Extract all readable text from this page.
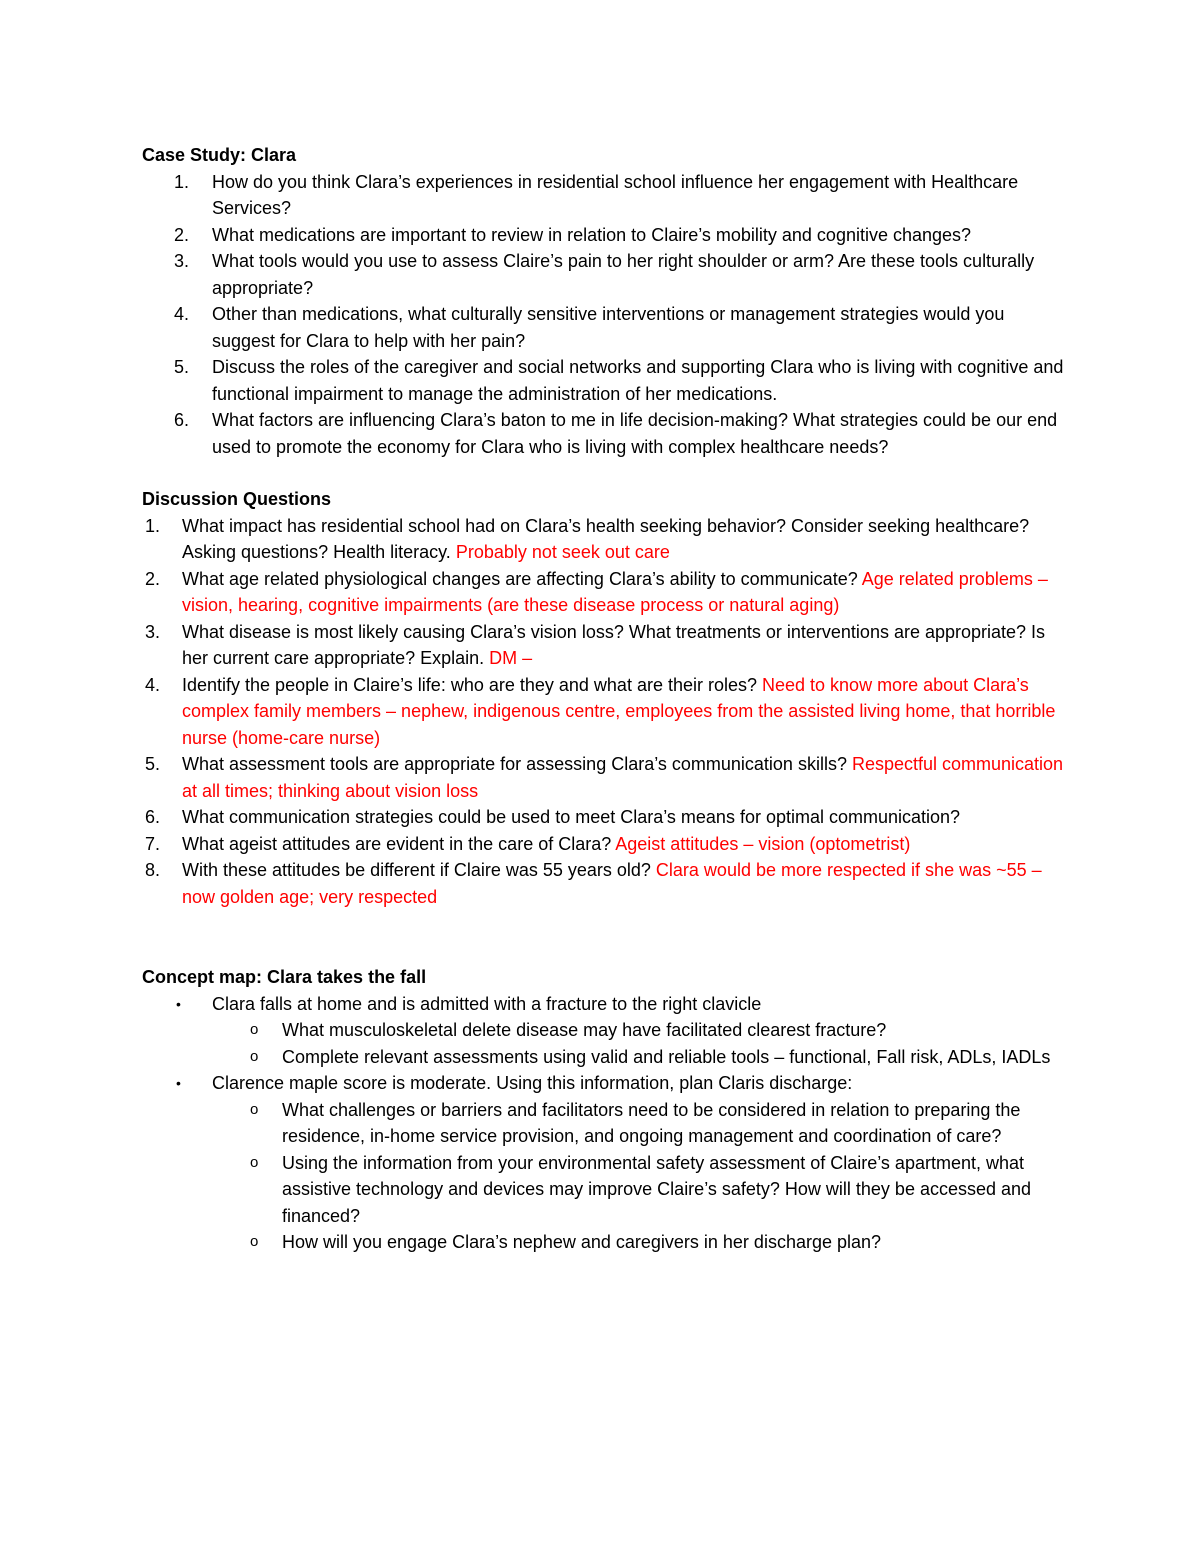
Case Study: Clara

1. How do you think Clara’s experiences in residential school influence her engagement with Healthcare Services?
2. What medications are important to review in relation to Claire’s mobility and cognitive changes?
3. What tools would you use to assess Claire’s pain to her right shoulder or arm? Are these tools culturally appropriate?
4. Other than medications, what culturally sensitive interventions or management strategies would you suggest for Clara to help with her pain?
5. Discuss the roles of the caregiver and social networks and supporting Clara who is living with cognitive and functional impairment to manage the administration of her medications.
6. What factors are influencing Clara’s baton to me in life decision-making? What strategies could be our end used to promote the economy for Clara who is living with complex healthcare needs?

Discussion Questions

1. What impact has residential school had on Clara’s health seeking behavior? Consider seeking healthcare? Asking questions? Health literacy. Probably not seek out care
2. What age related physiological changes are affecting Clara’s ability to communicate? Age related problems – vision, hearing, cognitive impairments (are these disease process or natural aging)
3. What disease is most likely causing Clara’s vision loss? What treatments or interventions are appropriate? Is her current care appropriate? Explain. DM –
4. Identify the people in Claire’s life: who are they and what are their roles? Need to know more about Clara’s complex family members – nephew, indigenous centre, employees from the assisted living home, that horrible nurse (home-care nurse)
5. What assessment tools are appropriate for assessing Clara’s communication skills? Respectful communication at all times; thinking about vision loss
6. What communication strategies could be used to meet Clara’s means for optimal communication?
7. What ageist attitudes are evident in the care of Clara? Ageist attitudes – vision (optometrist)
8. With these attitudes be different if Claire was 55 years old? Clara would be more respected if she was ~55 – now golden age; very respected

Concept map: Clara takes the fall

• Clara falls at home and is admitted with a fracture to the right clavicle
o What musculoskeletal delete disease may have facilitated clearest fracture?
o Complete relevant assessments using valid and reliable tools – functional, Fall risk, ADLs, IADLs
• Clarence maple score is moderate. Using this information, plan Claris discharge:
o What challenges or barriers and facilitators need to be considered in relation to preparing the residence, in-home service provision, and ongoing management and coordination of care?
o Using the information from your environmental safety assessment of Claire’s apartment, what assistive technology and devices may improve Claire’s safety? How will they be accessed and financed?
o How will you engage Clara’s nephew and caregivers in her discharge plan?
